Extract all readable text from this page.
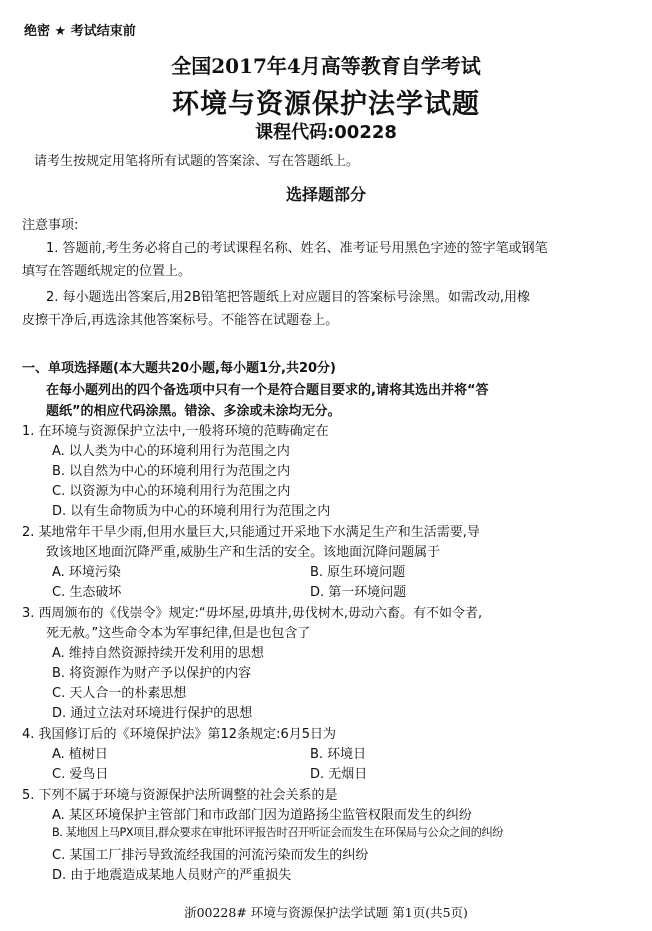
绝密 ★ 考试结束前
全国2017年4月高等教育自学考试
环境与资源保护法学试题
课程代码:00228
请考生按规定用笔将所有试题的答案涂、写在答题纸上。
选择题部分
注意事项:
1. 答题前,考生务必将自己的考试课程名称、姓名、准考证号用黑色字迹的签字笔或钢笔
填写在答题纸规定的位置上。
2. 每小题选出答案后,用2B铅笔把答题纸上对应题目的答案标号涂黑。如需改动,用橡
皮擦干净后,再选涂其他答案标号。不能答在试题卷上。
一、单项选择题(本大题共20小题,每小题1分,共20分)
在每小题列出的四个备选项中只有一个是符合题目要求的,请将其选出并将“答
题纸”的相应代码涂黑。错涂、多涂或未涂均无分。
1. 在环境与资源保护立法中,一般将环境的范畴确定在
A. 以人类为中心的环境利用行为范围之内
B. 以自然为中心的环境利用行为范围之内
C. 以资源为中心的环境利用行为范围之内
D. 以有生命物质为中心的环境利用行为范围之内
2. 某地常年干旱少雨,但用水量巨大,只能通过开采地下水满足生产和生活需要,导
致该地区地面沉降严重,威胁生产和生活的安全。该地面沉降问题属于
A. 环境污染	B. 原生环境问题
C. 生态破坏	D. 第一环境问题
3. 西周颁布的《伐崇令》规定:“毋坏屋,毋填井,毋伐树木,毋动六畜。有不如令者,
死无赦。”这些命令本为军事纪律,但是也包含了
A. 维持自然资源持续开发利用的思想
B. 将资源作为财产予以保护的内容
C. 天人合一的朴素思想
D. 通过立法对环境进行保护的思想
4. 我国修订后的《环境保护法》第12条规定:6月5日为
A. 植树日	B. 环境日
C. 爱鸟日	D. 无烟日
5. 下列不属于环境与资源保护法所调整的社会关系的是
A. 某区环境保护主管部门和市政部门因为道路扬尘监管权限而发生的纠纷
B. 某地因上马PX项目,群众要求在审批环评报告时召开听证会而发生在环保局与公众之间的纠纷
C. 某国工厂排污导致流经我国的河流污染而发生的纠纷
D. 由于地震造成某地人员财产的严重损失
浙00228# 环境与资源保护法学试题 第1页(共5页)
